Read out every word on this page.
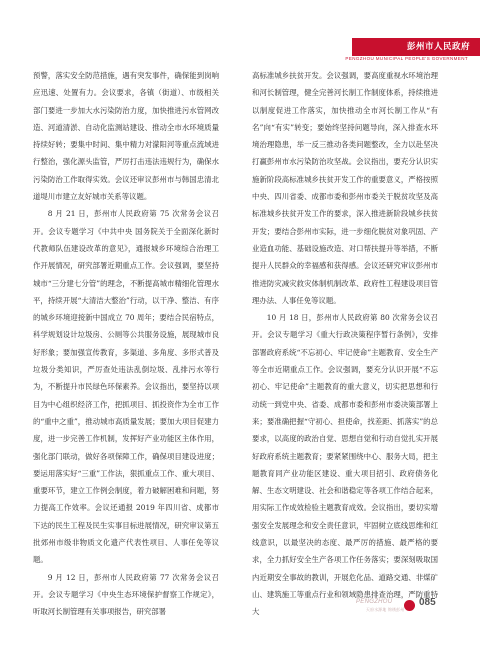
彭州市人民政府
PENGZHOU MUNICIPAL PEOPLE'S GOVERNMENT

预警，落实安全防范措施，遇有突发事件，确保能到岗响应迅速、处置有力。会议要求，各镇（街道）、市级相关部门要进一步加大水污染防治力度，加快推进污水管网改造、河道清淤、自动化监测站建设、推动全市水环境质量持续好转；要集中时间、集中精力对濛阳河等重点流域进行整治，强化源头监管，严厉打击违法违规行为，确保水污染防治工作取得实效。会议还审议彭州市与韩国忠清北道堤川市建立友好城市关系等议题。

8 月 21 日，彭州市人民政府第 75 次常务会议召开。会议专题学习《中共中央 国务院关于全面深化新时代教师队伍建设改革的意见》，通报城乡环境综合治理工作开展情况，研究部署近期重点工作。会议强调，要坚持城市“三分建七分管”的理念，不断提高城市精细化管理水平，持续开展“大清洁大整治”行动，以干净、整洁、有序的城乡环境迎接新中国成立 70 周年；要结合民宿特点，科学规划设计垃圾房、公厕等公共服务设施，展现城市良好形象；要加强宣传教育，多渠道、多角度、多形式普及垃圾分类知识，严厉查处违法乱倒垃圾、乱排污水等行为，不断提升市民绿色环保素养。会议指出，要坚持以项目为中心组织经济工作，把抓项目、抓投资作为全市工作的“重中之重”，推动城市高质量发展；要加大项目促建力度，进一步完善工作机制，发挥好产业功能区主体作用，强化部门联动，做好各项保障工作，确保项目建设进度；要运用落实好“三重”工作法，狠抓重点工作、重大项目、重要环节，建立工作例会制度，着力破解困难和问题，努力提高工作效率。会议还通报 2019 年四川省、成都市下达的民生工程及民生实事目标进展情况，研究审议第五批郊州市级非物质文化遗产代表性项目、人事任免等议题。

9 月 12 日，彭州市人民政府第 77 次常务会议召开。会议专题学习《中央生态环境保护督察工作规定》，听取河长制管理有关事项报告，研究部署

高标准城乡扶贫开发。会议强调，要高度重视水环境治理和河长制管理，健全完善河长制工作制度体系，持续推进以制度促进工作落实，加快推动全市河长制工作从“有名”向“有实”转变；要始终坚持问题导向，深入排查水环境治理隐患，举一反三推动各类问题整改，全力以赴坚决打赢彭州市水污染防治攻坚战。会议指出，要充分认识实施新阶段高标准城乡扶贫开发工作的重要意义，严格按照中央、四川省委、成都市委和彭州市委关于脱贫攻坚及高标准城乡扶贫开发工作的要求，深入推进新阶段城乡扶贫开发；要结合彭州市实际，进一步细化脱贫对象巩固、产业造血功能、基础设施改造、对口帮扶提升等举措，不断提升人民群众的幸福感和获得感。会议还研究审议彭州市推进防灾减灾救灾体制机制改革、政府性工程建设项目管理办法、人事任免等议题。

10 月 18 日，彭州市人民政府第 80 次常务会议召开。会议专题学习《重大行政决策程序暂行条例》，安排部署政府系统“不忘初心、牢记使命”主题教育、安全生产等全市近期重点工作。会议强调，要充分认识开展“不忘初心、牢记使命”主题教育的重大意义，切实把思想和行动统一到党中央、省委、成都市委和彭州市委决策部署上来；要准确把握“守初心、担使命，找差距、抓落实”的总要求，以高度的政治自觉、思想自觉和行动自觉扎实开展好政府系统主题教育；要紧紧围绕中心、服务大局，把主题教育同产业功能区建设、重大项目招引、政府债务化解、生态文明建设、社会和谐稳定等各项工作结合起来，用实际工作成效检验主题教育成效。会议指出，要切实增强安全发展理念和安全责任意识，牢固树立底线思维和红线意识，以最坚决的态度、最严厉的措施、最严格的要求，全力抓好安全生产各项工作任务落实；要深刻吸取国内近期安全事故的教训，开展危化品、道路交通、非煤矿山、建筑施工等重点行业和领域隐患排查治理，严防重特大

PENGZHOU
天府水源地 锦绣彭州
085
